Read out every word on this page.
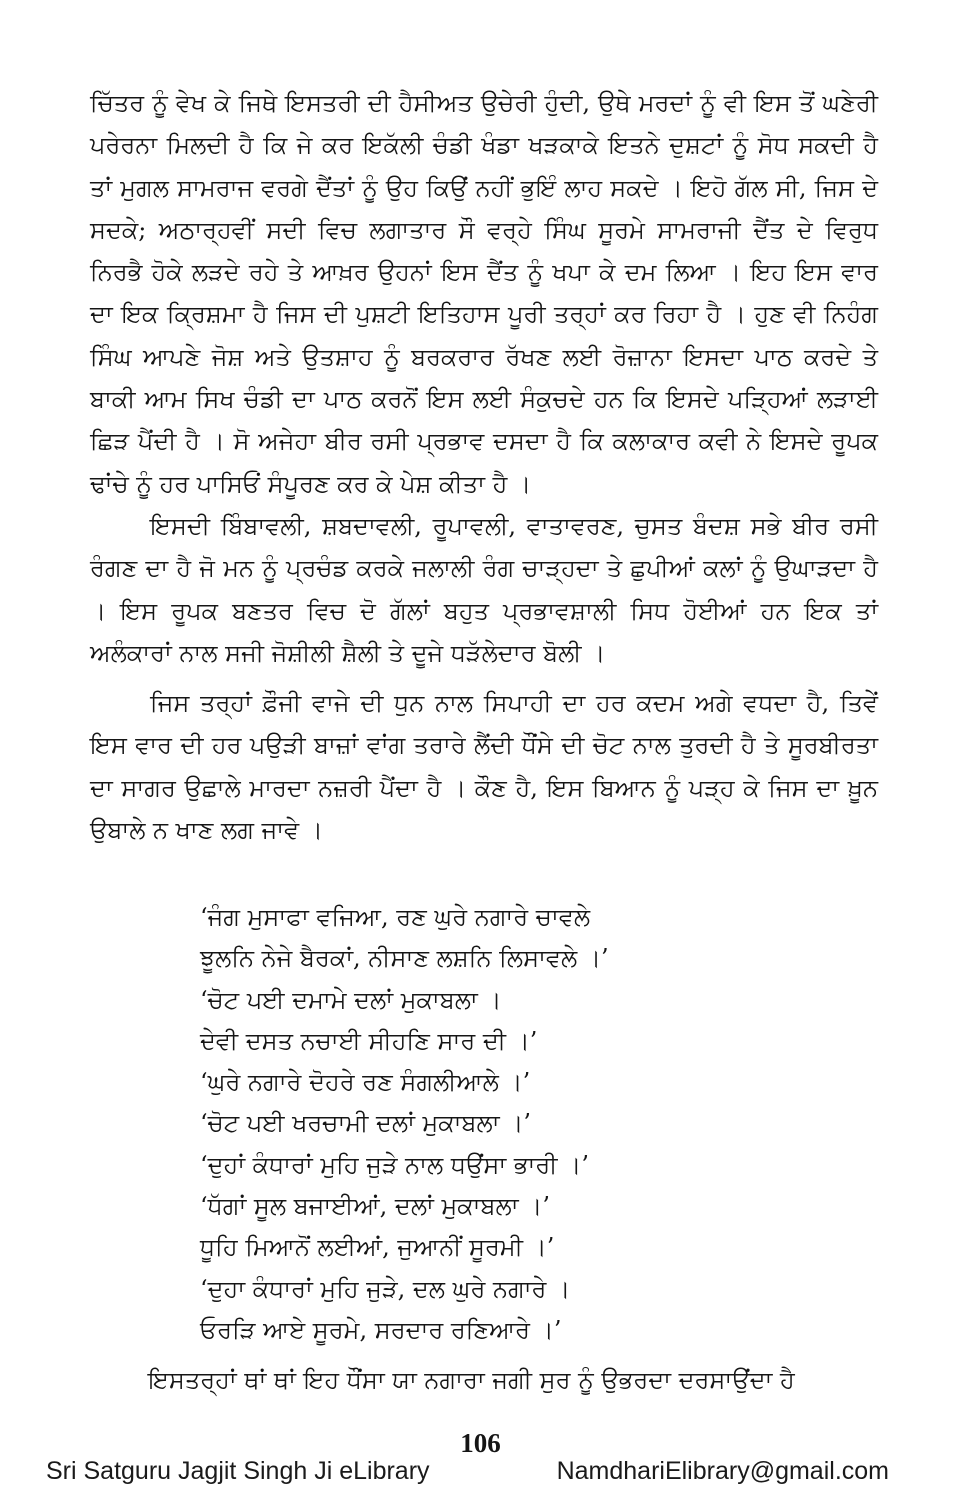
ਚਿੱਤਰ ਨੂੰ ਵੇਖ ਕੇ ਜਿਥੇ ਇਸਤਰੀ ਦੀ ਹੈਸੀਅਤ ਉਚੇਰੀ ਹੁੰਦੀ, ਉਥੇ ਮਰਦਾਂ ਨੂੰ ਵੀ ਇਸ ਤੋਂ ਘਣੇਰੀ ਪਰੇਰਨਾ ਮਿਲਦੀ ਹੈ ਕਿ ਜੇ ਕਰ ਇਕੱਲੀ ਚੰਡੀ ਖੰਡਾ ਖੜਕਾਕੇ ਇਤਨੇ ਦੁਸ਼ਟਾਂ ਨੂੰ ਸੋਧ ਸਕਦੀ ਹੈ ਤਾਂ ਮੁਗਲ ਸਾਮਰਾਜ ਵਰਗੇ ਦੈਂਤਾਂ ਨੂੰ ਉਹ ਕਿਉਂ ਨਹੀਂ ਭੁਇੰ ਲਾਹ ਸਕਦੇ । ਇਹੋ ਗੱਲ ਸੀ, ਜਿਸ ਦੇ ਸਦਕੇ; ਅਠਾਰ੍ਹਵੀਂ ਸਦੀ ਵਿਚ ਲਗਾਤਾਰ ਸੌ ਵਰ੍ਹੇ ਸਿੰਘ ਸੂਰਮੇ ਸਾਮਰਾਜੀ ਦੈਂਤ ਦੇ ਵਿਰੁਧ ਨਿਰਭੈ ਹੋਕੇ ਲੜਦੇ ਰਹੇ ਤੇ ਆਖ਼ਰ ਉਹਨਾਂ ਇਸ ਦੈਂਤ ਨੂੰ ਖਪਾ ਕੇ ਦਮ ਲਿਆ । ਇਹ ਇਸ ਵਾਰ ਦਾ ਇਕ ਕ੍ਰਿਸ਼ਮਾ ਹੈ ਜਿਸ ਦੀ ਪੁਸ਼ਟੀ ਇਤਿਹਾਸ ਪੂਰੀ ਤਰ੍ਹਾਂ ਕਰ ਰਿਹਾ ਹੈ । ਹੁਣ ਵੀ ਨਿਹੰਗ ਸਿੰਘ ਆਪਣੇ ਜੋਸ਼ ਅਤੇ ਉਤਸ਼ਾਹ ਨੂੰ ਬਰਕਰਾਰ ਰੱਖਣ ਲਈ ਰੋਜ਼ਾਨਾ ਇਸਦਾ ਪਾਠ ਕਰਦੇ ਤੇ ਬਾਕੀ ਆਮ ਸਿਖ ਚੰਡੀ ਦਾ ਪਾਠ ਕਰਨੋਂ ਇਸ ਲਈ ਸੰਕੁਚਦੇ ਹਨ ਕਿ ਇਸਦੇ ਪੜ੍ਹਿਆਂ ਲੜਾਈ ਛਿੜ ਪੈਂਦੀ ਹੈ । ਸੋ ਅਜੇਹਾ ਬੀਰ ਰਸੀ ਪ੍ਰਭਾਵ ਦਸਦਾ ਹੈ ਕਿ ਕਲਾਕਾਰ ਕਵੀ ਨੇ ਇਸਦੇ ਰੂਪਕ ਢਾਂਚੇ ਨੂੰ ਹਰ ਪਾਸਿਓਂ ਸੰਪੂਰਣ ਕਰ ਕੇ ਪੇਸ਼ ਕੀਤਾ ਹੈ ।

ਇਸਦੀ ਬਿੰਬਾਵਲੀ, ਸ਼ਬਦਾਵਲੀ, ਰੂਪਾਵਲੀ, ਵਾਤਾਵਰਣ, ਚੁਸਤ ਬੰਦਸ਼ ਸਭੇ ਬੀਰ ਰਸੀ ਰੰਗਣ ਦਾ ਹੈ ਜੋ ਮਨ ਨੂੰ ਪ੍ਰਚੰਡ ਕਰਕੇ ਜਲਾਲੀ ਰੰਗ ਚਾੜ੍ਹਦਾ ਤੇ ਛੁਪੀਆਂ ਕਲਾਂ ਨੂੰ ਉਘਾੜਦਾ ਹੈ । ਇਸ ਰੂਪਕ ਬਣਤਰ ਵਿਚ ਦੋ ਗੱਲਾਂ ਬਹੁਤ ਪ੍ਰਭਾਵਸ਼ਾਲੀ ਸਿਧ ਹੋਈਆਂ ਹਨ ਇਕ ਤਾਂ ਅਲੰਕਾਰਾਂ ਨਾਲ ਸਜੀ ਜੋਸ਼ੀਲੀ ਸ਼ੈਲੀ ਤੇ ਦੂਜੇ ਧੜੱਲੇਦਾਰ ਬੋਲੀ ।

ਜਿਸ ਤਰ੍ਹਾਂ ਫ਼ੌਜੀ ਵਾਜੇ ਦੀ ਧੁਨ ਨਾਲ ਸਿਪਾਹੀ ਦਾ ਹਰ ਕਦਮ ਅਗੇ ਵਧਦਾ ਹੈ, ਤਿਵੇਂ ਇਸ ਵਾਰ ਦੀ ਹਰ ਪਉੜੀ ਬਾਜ਼ਾਂ ਵਾਂਗ ਤਰਾਰੇ ਲੈਂਦੀ ਧੌਂਸੇ ਦੀ ਚੋਟ ਨਾਲ ਤੁਰਦੀ ਹੈ ਤੇ ਸੂਰਬੀਰਤਾ ਦਾ ਸਾਗਰ ਉਛਾਲੇ ਮਾਰਦਾ ਨਜ਼ਰੀ ਪੈਂਦਾ ਹੈ । ਕੌਣ ਹੈ, ਇਸ ਬਿਆਨ ਨੂੰ ਪੜ੍ਹ ਕੇ ਜਿਸ ਦਾ ਖ਼ੂਨ ਉਬਾਲੇ ਨ ਖਾਣ ਲਗ ਜਾਵੇ ।

‘ਜੰਗ ਮੁਸਾਫਾ ਵਜਿਆ, ਰਣ ਘੁਰੇ ਨਗਾਰੇ ਚਾਵਲੇ
ਝੂਲਨਿ ਨੇਜੇ ਬੈਰਕਾਂ, ਨੀਸਾਣ ਲਸ਼ਨਿ ਲਿਸਾਵਲੇ ।’
‘ਚੋਟ ਪਈ ਦਮਾਮੇ ਦਲਾਂ ਮੁਕਾਬਲਾ ।
ਦੇਵੀ ਦਸਤ ਨਚਾਈ ਸੀਹਣਿ ਸਾਰ ਦੀ ।’
‘ਘੁਰੇ ਨਗਾਰੇ ਦੋਹਰੇ ਰਣ ਸੰਗਲੀਆਲੇ ।’
‘ਚੋਟ ਪਈ ਖਰਚਾਮੀ ਦਲਾਂ ਮੁਕਾਬਲਾ ।’
‘ਦੁਹਾਂ ਕੰਧਾਰਾਂ ਮੁਹਿ ਜੁੜੇ ਨਾਲ ਧਉਂਸਾ ਭਾਰੀ ।’
‘ਧੱਗਾਂ ਸੂਲ ਬਜਾਈਆਂ, ਦਲਾਂ ਮੁਕਾਬਲਾ ।’
ਧੂਹਿ ਮਿਆਨੋਂ ਲਈਆਂ, ਜੁਆਨੀਂ ਸੂਰਮੀ ।’
‘ਦੁਹਾ ਕੰਧਾਰਾਂ ਮੁਹਿ ਜੁੜੇ, ਦਲ ਘੁਰੇ ਨਗਾਰੇ ।
ਓਰੜਿ ਆਏ ਸੂਰਮੇ, ਸਰਦਾਰ ਰਣਿਆਰੇ ।’
ਇਸਤਰ੍ਹਾਂ ਥਾਂ ਥਾਂ ਇਹ ਧੌਂਸਾ ਯਾ ਨਗਾਰਾ ਜਗੀ ਸੁਰ ਨੂੰ ਉਭਰਦਾ ਦਰਸਾਉਂਦਾ ਹੈ
106
Sri Satguru Jagjit Singh Ji eLibrary	NamdhariElibrary@gmail.com
